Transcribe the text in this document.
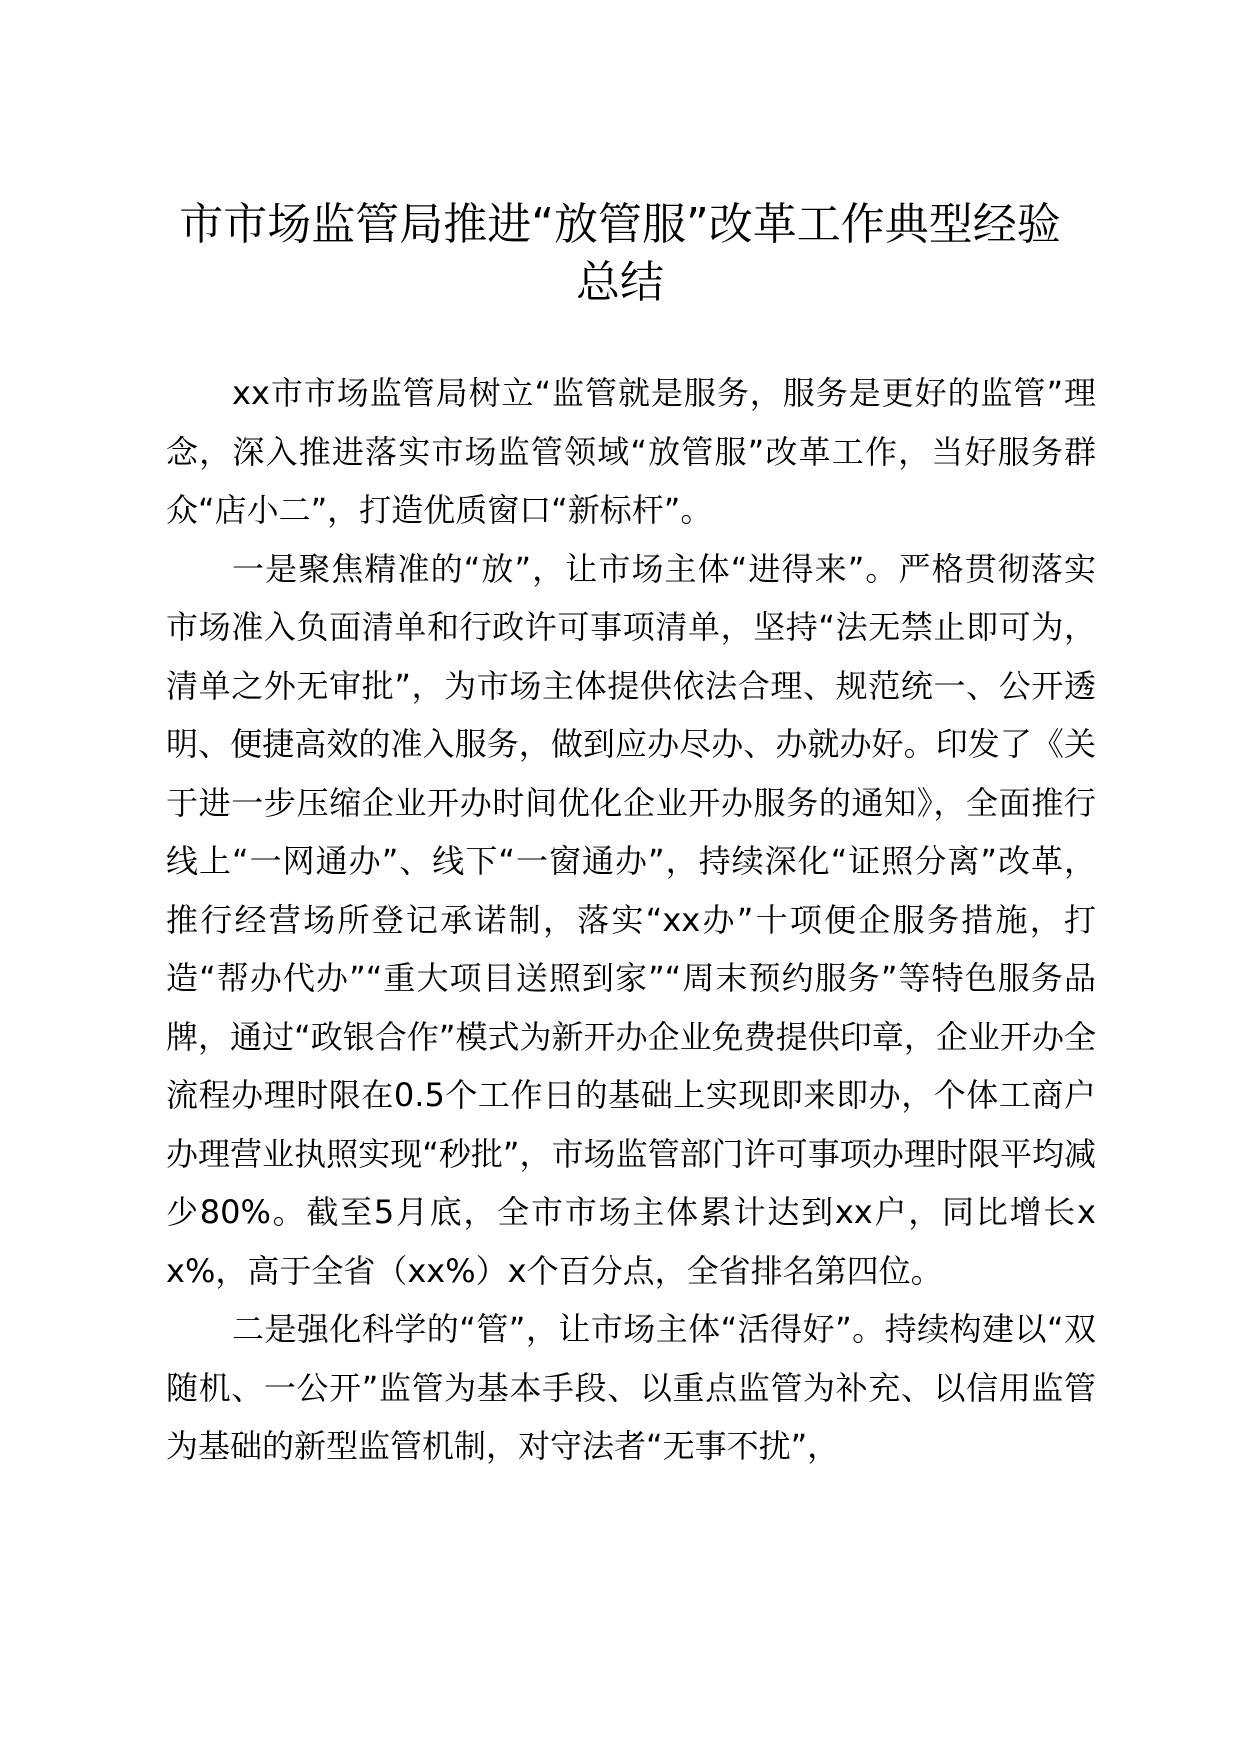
市市场监管局推进“放管服”改革工作典型经验总结

xx市市场监管局树立“监管就是服务，服务是更好的监管”理念，深入推进落实市场监管领域“放管服”改革工作，当好服务群众“店小二”，打造优质窗口“新标杆”。

一是聚焦精准的“放”，让市场主体“进得来”。严格贯彻落实市场准入负面清单和行政许可事项清单，坚持“法无禁止即可为，清单之外无审批”，为市场主体提供依法合理、规范统一、公开透明、便捷高效的准入服务，做到应办尽办、办就办好。印发了《关于进一步压缩企业开办时间优化企业开办服务的通知》，全面推行线上“一网通办”、线下“一窗通办”，持续深化“证照分离”改革，推行经营场所登记承诺制，落实“xx办”十项便企服务措施，打造“帮办代办”“重大项目送照到家”“周末预约服务”等特色服务品牌，通过“政银合作”模式为新开办企业免费提供印章，企业开办全流程办理时限在0.5个工作日的基础上实现即来即办，个体工商户办理营业执照实现“秒批”，市场监管部门许可事项办理时限平均减少80%。截至5月底，全市市场主体累计达到xx户，同比增长xx%，高于全省（xx%）x个百分点，全省排名第四位。

二是强化科学的“管”，让市场主体“活得好”。持续构建以“双随机、一公开”监管为基本手段、以重点监管为补充、以信用监管为基础的新型监管机制，对守法者“无事不扰”，
